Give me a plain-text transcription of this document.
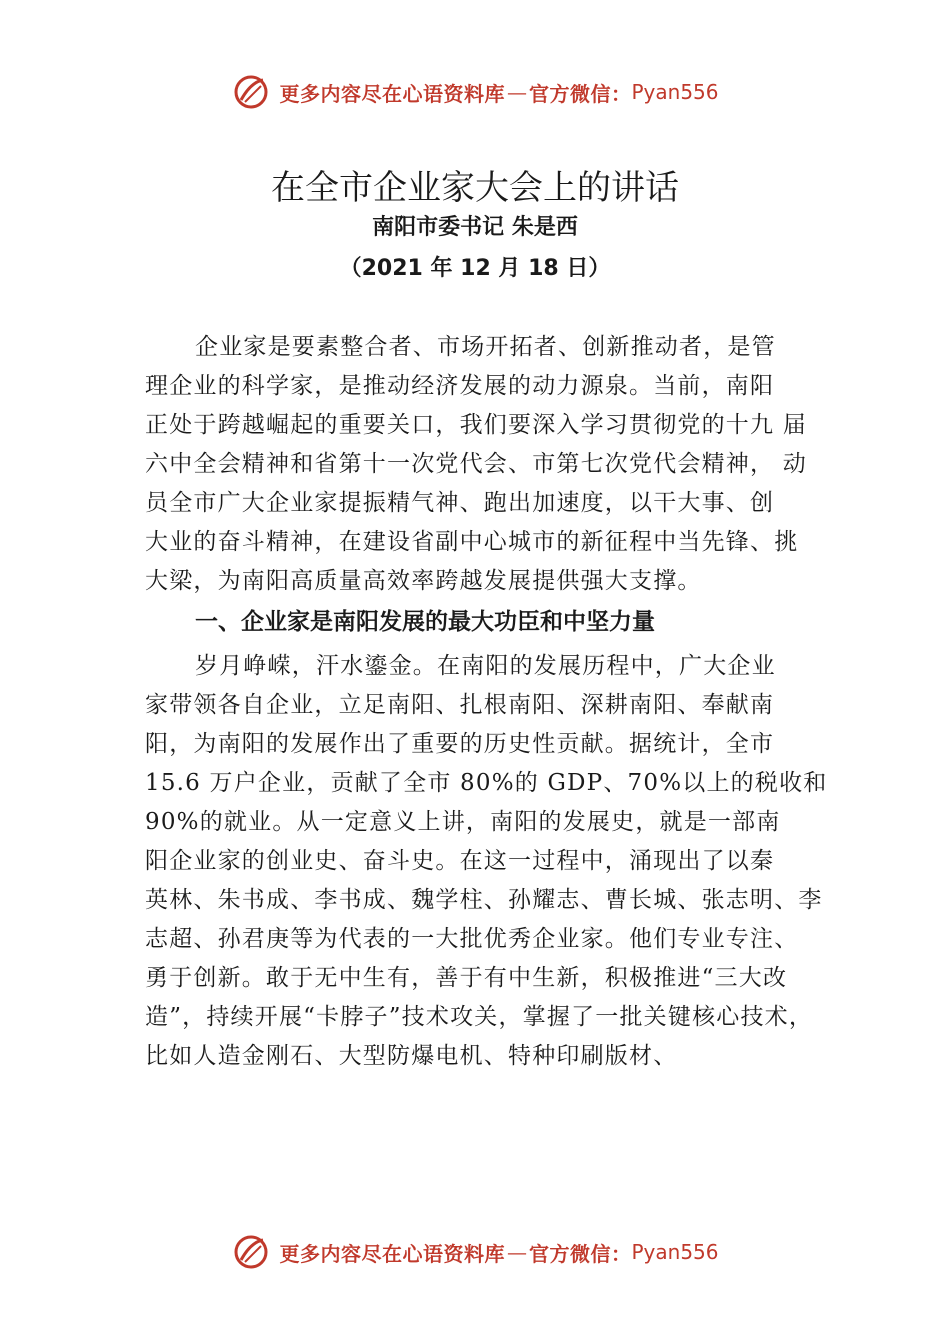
更多内容尽在心语资料库 — 官方微信： Pyan556
在全市企业家大会上的讲话
南阳市委书记 朱是西
（2021 年 12 月 18 日）
企业家是要素整合者、市场开拓者、创新推动者，是管
理企业的科学家，是推动经济发展的动力源泉。当前，南阳
正处于跨越崛起的重要关口，我们要深入学习贯彻党的十九 届
六中全会精神和省第十一次党代会、市第七次党代会精神， 动
员全市广大企业家提振精气神、跑出加速度，以干大事、创
大业的奋斗精神，在建设省副中心城市的新征程中当先锋、挑
大梁，为南阳高质量高效率跨越发展提供强大支撑。
一、企业家是南阳发展的最大功臣和中坚力量
岁月峥嵘，汗水鎏金。在南阳的发展历程中，广大企业
家带领各自企业，立足南阳、扎根南阳、深耕南阳、奉献南
阳，为南阳的发展作出了重要的历史性贡献。据统计，全市
15.6 万户企业，贡献了全市 80%的 GDP、70%以上的税收和
90%的就业。从一定意义上讲，南阳的发展史，就是一部南
阳企业家的创业史、奋斗史。在这一过程中，涌现出了以秦
英林、朱书成、李书成、魏学柱、孙耀志、曹长城、张志明、李
志超、孙君庚等为代表的一大批优秀企业家。他们专业专注、
勇于创新。敢于无中生有，善于有中生新，积极推进“三大改
造”，持续开展“卡脖子”技术攻关，掌握了一批关键核心技术，
比如人造金刚石、大型防爆电机、特种印刷版材、
更多内容尽在心语资料库 — 官方微信： Pyan556
